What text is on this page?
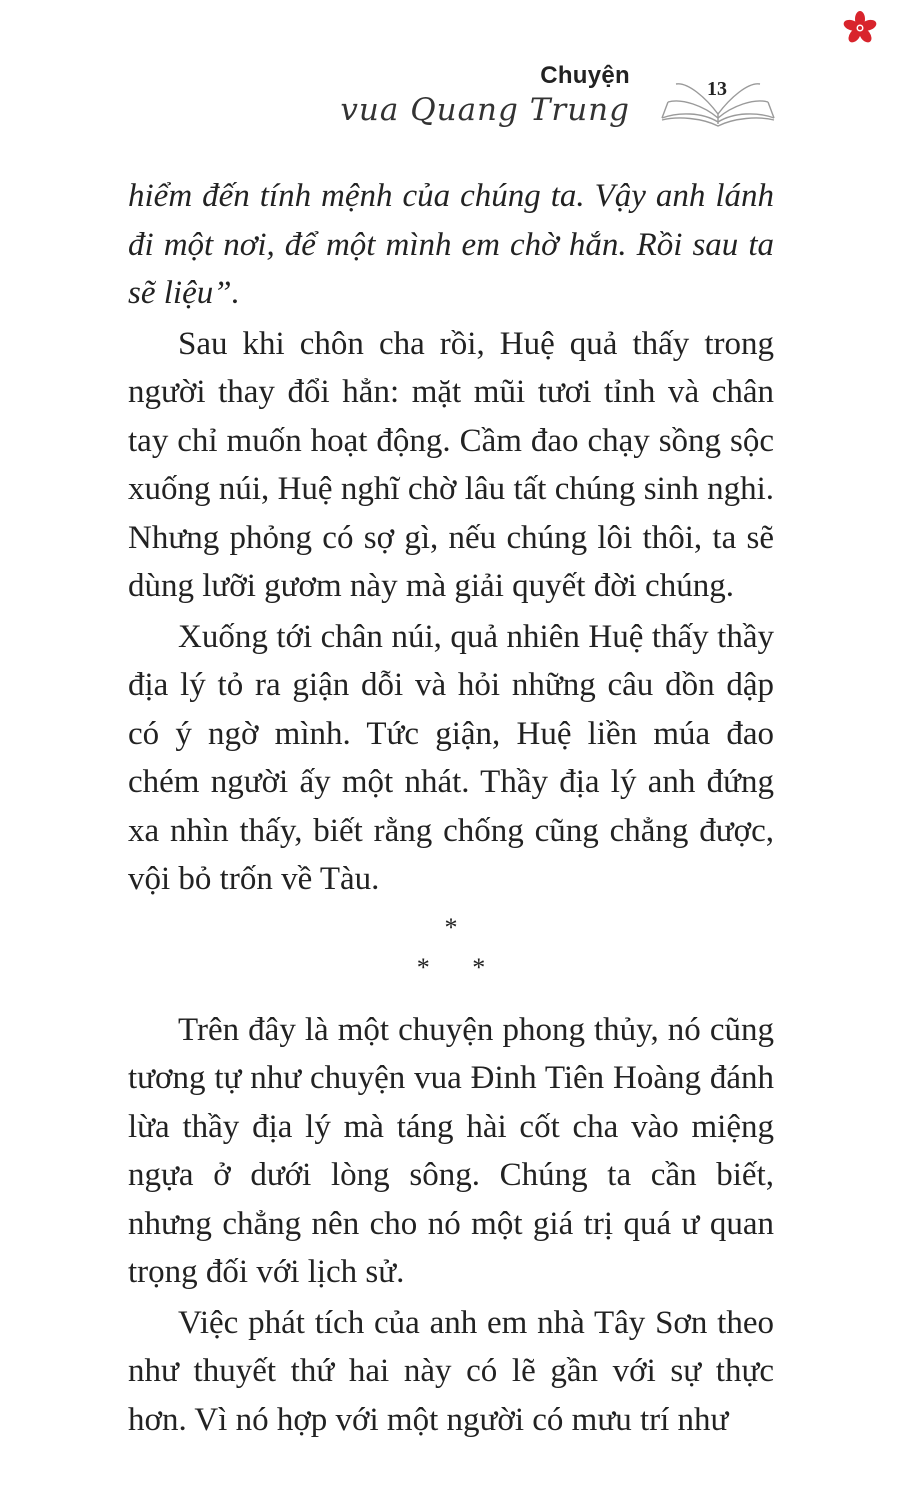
Chuyện
vua Quang Trung
13

hiểm đến tính mệnh của chúng ta. Vậy anh lánh đi một nơi, để một mình em chờ hắn. Rồi sau ta sẽ liệu”.

Sau khi chôn cha rồi, Huệ quả thấy trong người thay đổi hẳn: mặt mũi tươi tỉnh và chân tay chỉ muốn hoạt động. Cầm đao chạy sồng sộc xuống núi, Huệ nghĩ chờ lâu tất chúng sinh nghi. Nhưng phỏng có sợ gì, nếu chúng lôi thôi, ta sẽ dùng lưỡi gươm này mà giải quyết đời chúng.

Xuống tới chân núi, quả nhiên Huệ thấy thầy địa lý tỏ ra giận dỗi và hỏi những câu dồn dập có ý ngờ mình. Tức giận, Huệ liền múa đao chém người ấy một nhát. Thầy địa lý anh đứng xa nhìn thấy, biết rằng chống cũng chẳng được, vội bỏ trốn về Tàu.

*
* *

Trên đây là một chuyện phong thủy, nó cũng tương tự như chuyện vua Đinh Tiên Hoàng đánh lừa thầy địa lý mà táng hài cốt cha vào miệng ngựa ở dưới lòng sông. Chúng ta cần biết, nhưng chẳng nên cho nó một giá trị quá ư quan trọng đối với lịch sử.

Việc phát tích của anh em nhà Tây Sơn theo như thuyết thứ hai này có lẽ gần với sự thực hơn. Vì nó hợp với một người có mưu trí như
